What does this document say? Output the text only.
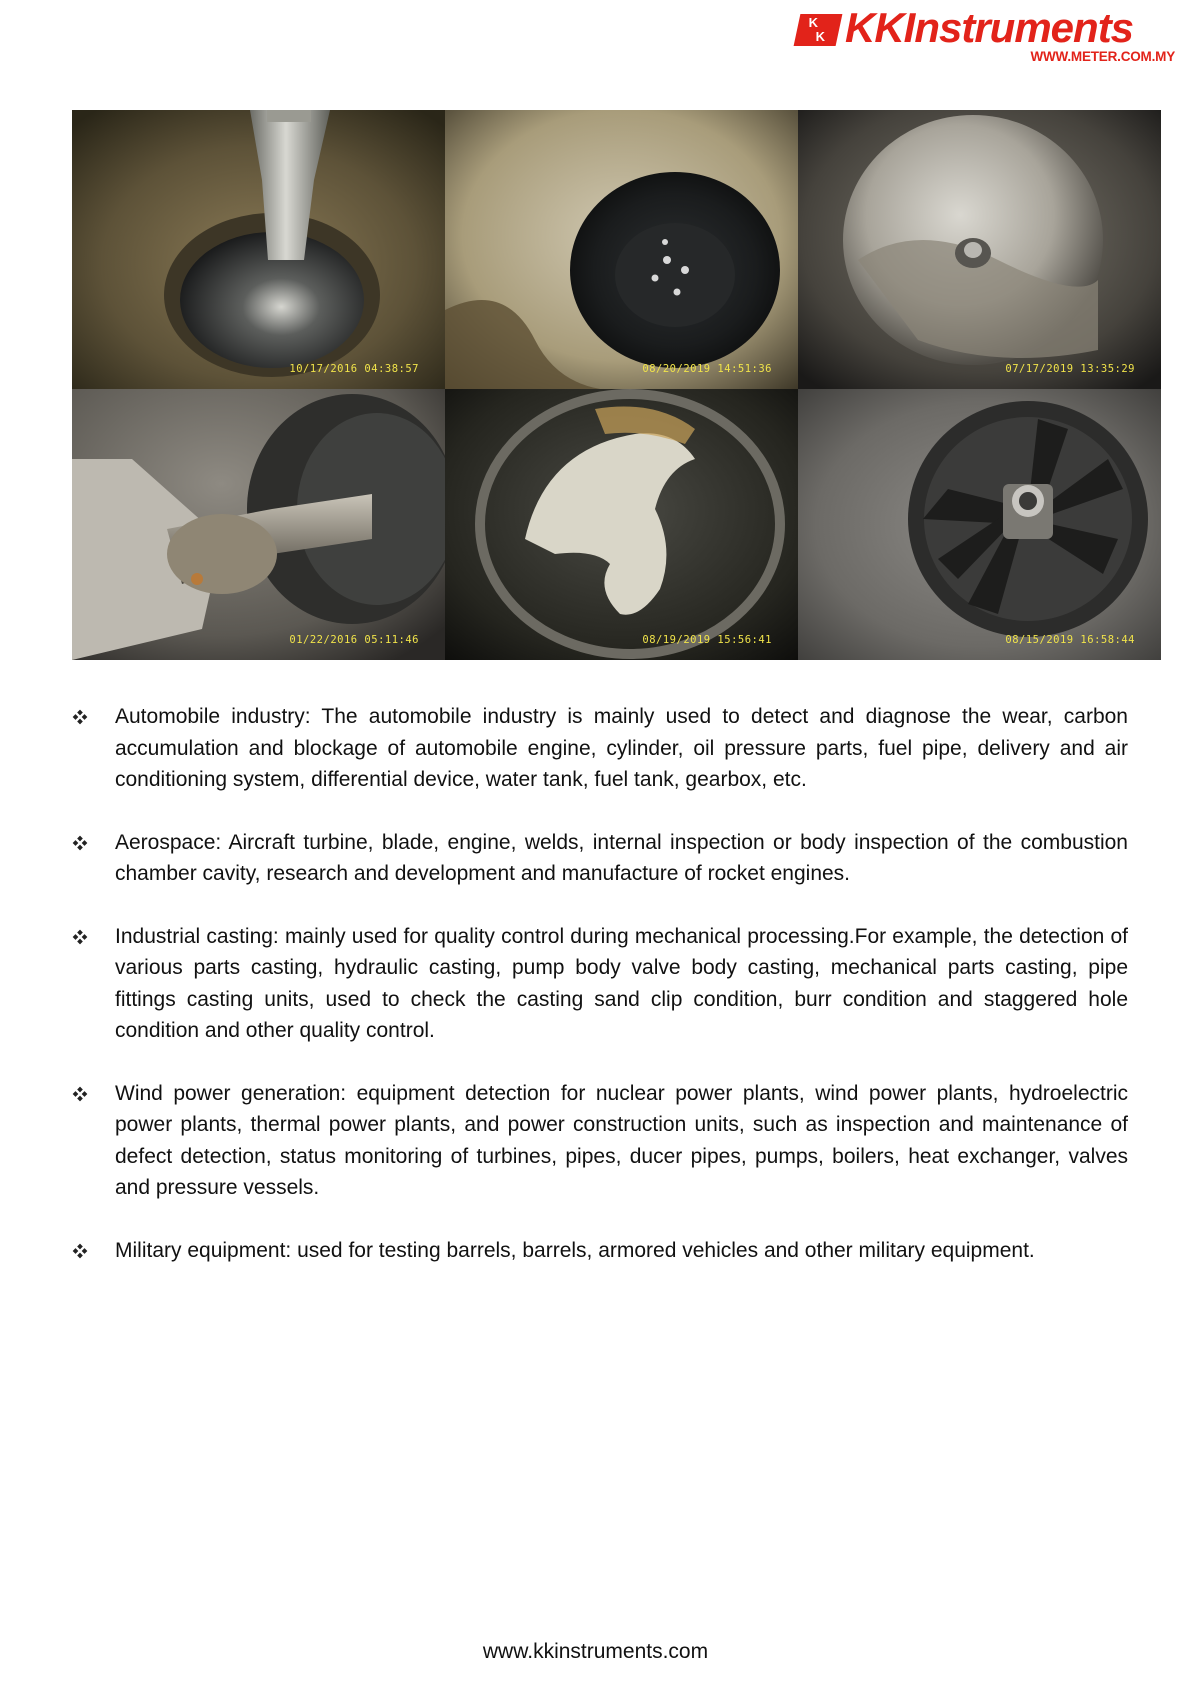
K
K KKInstruments
WWW.METER.COM.MY
10/17/2016 04:38:57	08/20/2019 14:51:36	07/17/2019 13:35:29
01/22/2016 05:11:46	08/19/2019 15:56:41	08/15/2019 16:58:44
Automobile industry: The automobile industry is mainly used to detect and diagnose the wear, carbon accumulation and blockage of automobile engine, cylinder, oil pressure parts, fuel pipe, delivery and air conditioning system, differential device, water tank, fuel tank, gearbox, etc.
Aerospace: Aircraft turbine, blade, engine, welds, internal inspection or body inspection of the combustion chamber cavity, research and development and manufacture of rocket engines.
Industrial casting: mainly used for quality control during mechanical processing.For example, the detection of various parts casting, hydraulic casting, pump body valve body casting, mechanical parts casting, pipe fittings casting units, used to check the casting sand clip condition, burr condition and staggered hole condition and other quality control.
Wind power generation: equipment detection for nuclear power plants, wind power plants, hydroelectric power plants, thermal power plants, and power construction units, such as inspection and maintenance of defect detection, status monitoring of turbines, pipes, ducer pipes, pumps, boilers, heat exchanger, valves and pressure vessels.
Military equipment: used for testing barrels, barrels, armored vehicles and other military equipment.
www.kkinstruments.com
